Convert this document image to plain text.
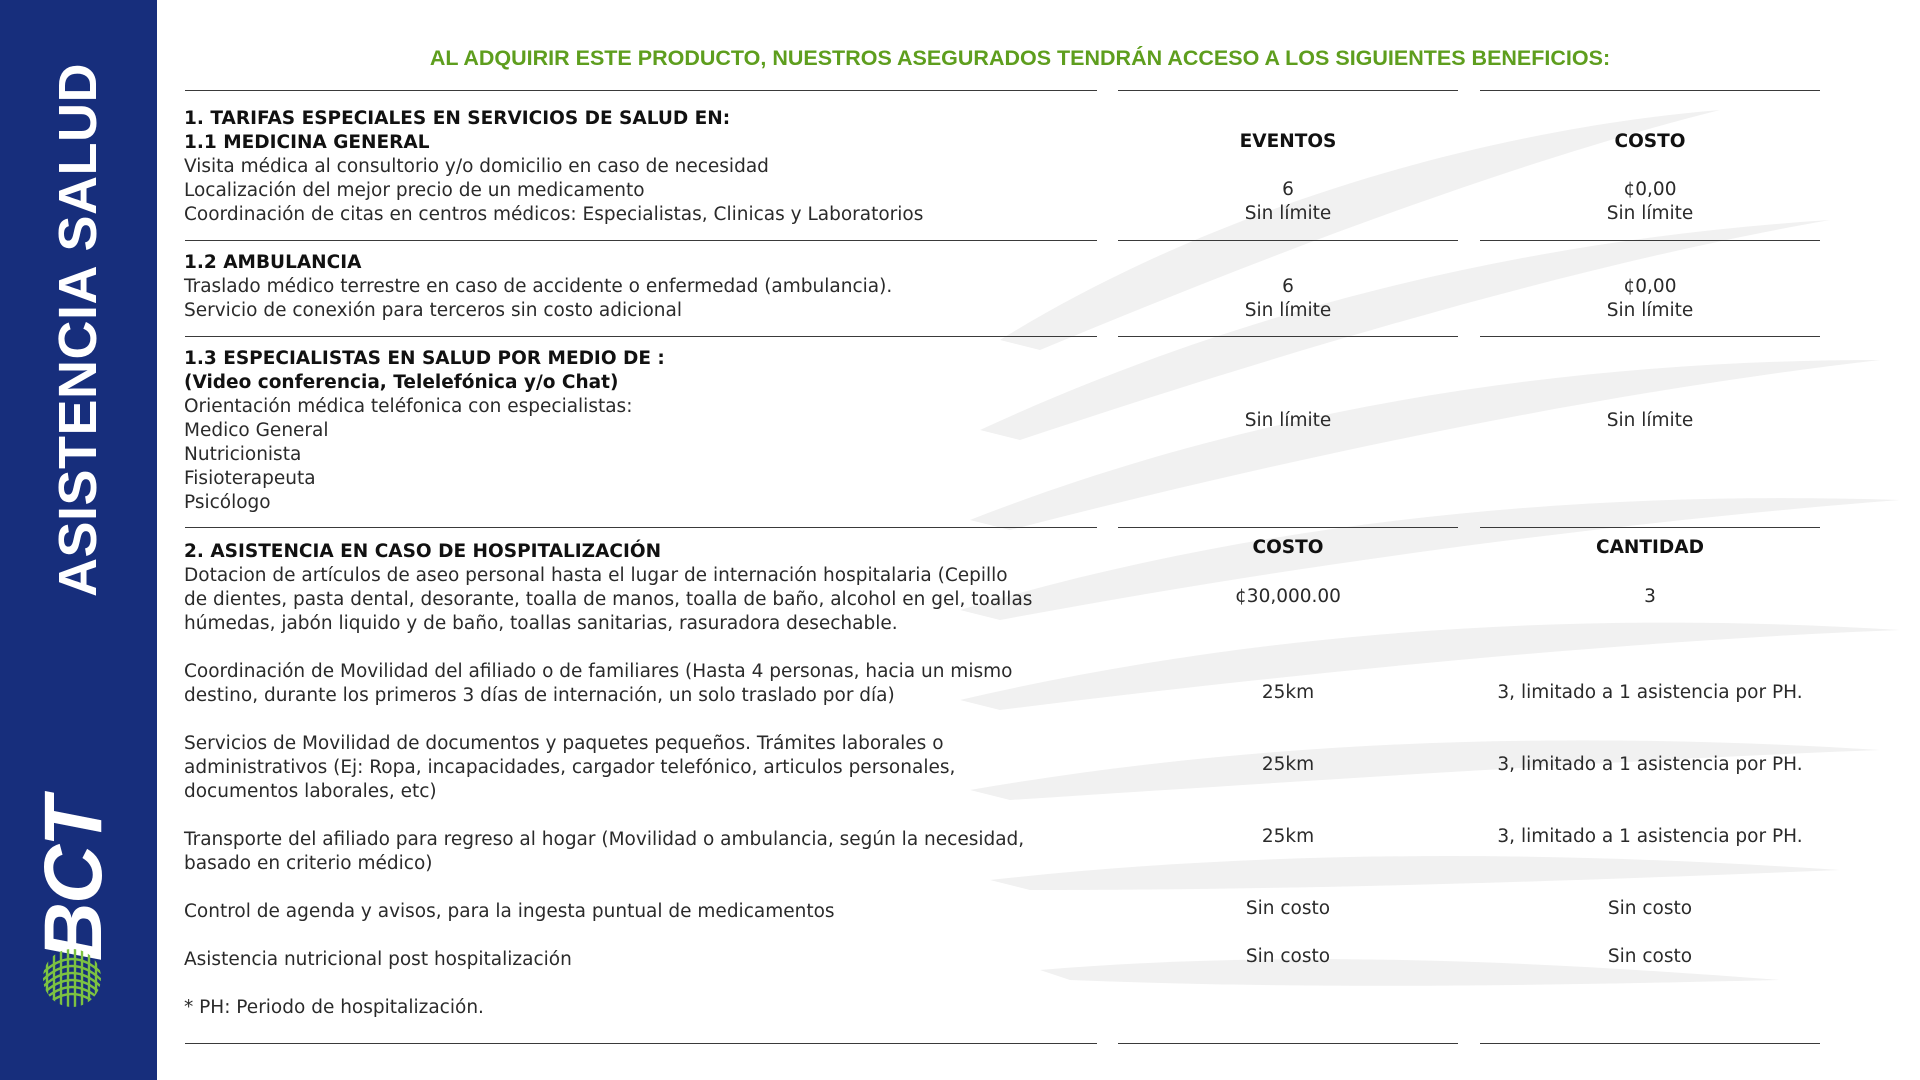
ASISTENCIA SALUD
BCT
AL ADQUIRIR ESTE PRODUCTO, NUESTROS ASEGURADOS TENDRÁN ACCESO A LOS SIGUIENTES BENEFICIOS:
1. TARIFAS ESPECIALES EN SERVICIOS DE SALUD EN:
1.1 MEDICINA GENERAL
Visita médica al consultorio y/o domicilio en caso de necesidad
Localización del mejor precio de un medicamento
Coordinación de citas en centros médicos: Especialistas, Clinicas y Laboratorios
EVENTOS	COSTO
6	¢0,00
Sin límite	Sin límite
1.2 AMBULANCIA
Traslado médico terrestre en caso de accidente o enfermedad (ambulancia).
Servicio de conexión para terceros sin costo adicional
6	¢0,00
Sin límite	Sin límite
1.3 ESPECIALISTAS EN SALUD POR MEDIO DE :
(Video conferencia, Telelefónica y/o Chat)
Orientación médica teléfonica con especialistas:
Medico General
Nutricionista
Fisioterapeuta
Psicólogo
Sin límite	Sin límite
2. ASISTENCIA EN CASO DE HOSPITALIZACIÓN	COSTO	CANTIDAD
Dotacion de artículos de aseo personal hasta el lugar de internación hospitalaria (Cepillo
de dientes, pasta dental, desorante, toalla de manos, toalla de baño, alcohol en gel, toallas
húmedas, jabón liquido y de baño, toallas sanitarias, rasuradora desechable.
¢30,000.00	3
Coordinación de Movilidad del afiliado o de familiares (Hasta 4 personas, hacia un mismo
destino, durante los primeros 3 días de internación, un solo traslado por día)	25km	3, limitado a 1 asistencia por PH.
Servicios de Movilidad de documentos y paquetes pequeños. Trámites laborales o
administrativos (Ej: Ropa, incapacidades, cargador telefónico, articulos personales,
documentos laborales, etc)
25km	3, limitado a 1 asistencia por PH.
Transporte del afiliado para regreso al hogar (Movilidad o ambulancia, según la necesidad,
basado en criterio médico)
25km	3, limitado a 1 asistencia por PH.
Control de agenda y avisos, para la ingesta puntual de medicamentos	Sin costo	Sin costo
Asistencia nutricional post hospitalización	Sin costo	Sin costo
* PH: Periodo de hospitalización.
